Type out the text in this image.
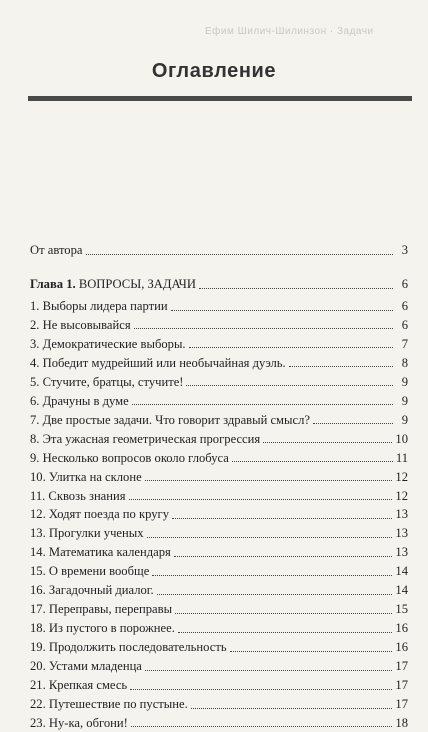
Ефим Шилич-Шилинзон · Задачи
Оглавление
От автора	3
Глава 1. ВОПРОСЫ, ЗАДАЧИ	6
1. Выборы лидера партии	6
2. Не высовывайся	6
3. Демократические выборы.	7
4. Победит мудрейший или необычайная дуэль.	8
5. Стучите, братцы, стучите!	9
6. Драчуны в думе	9
7. Две простые задачи. Что говорит здравый смысл?	9
8. Эта ужасная геометрическая прогрессия	10
9. Несколько вопросов около глобуса	11
10. Улитка на склоне	12
11. Сквозь знания	12
12. Ходят поезда по кругу	13
13. Прогулки ученых	13
14. Математика календаря	13
15. О времени вообще	14
16. Загадочный диалог.	14
17. Переправы, переправы	15
18. Из пустого в порожнее.	16
19. Продолжить последовательность	16
20. Устами младенца	17
21. Крепкая смесь	17
22. Путешествие по пустыне.	17
23. Ну-ка, обгони!	18
